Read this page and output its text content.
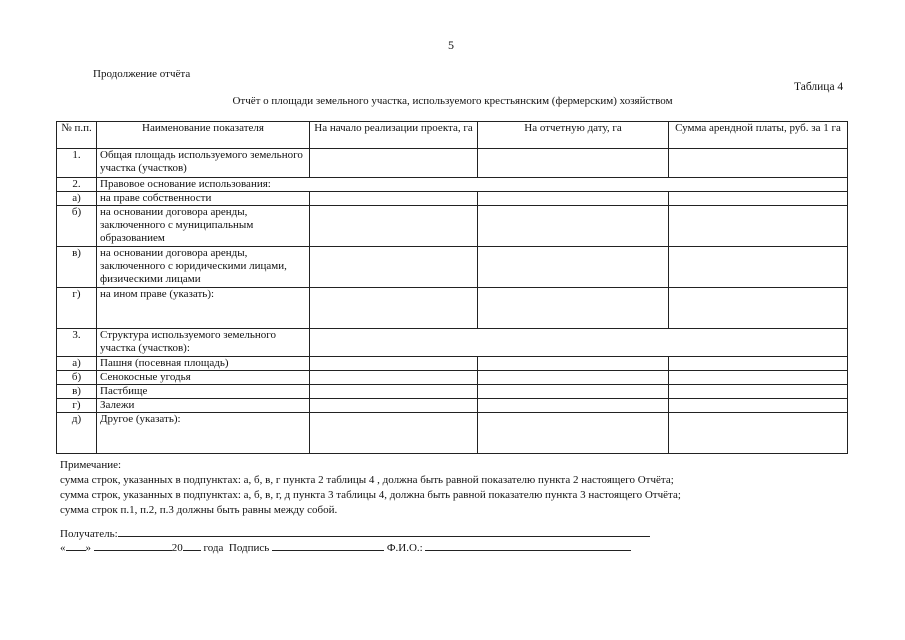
5
Продолжение отчёта
Таблица 4
Отчёт о площади земельного участка, используемого крестьянским (фермерским) хозяйством
№ п.п.	Наименование показателя	На начало реализации проекта, га	На отчетную дату, га	Сумма арендной платы, руб. за 1 га
1.	Общая площадь используемого земельного участка (участков)			
2.	Правовое основание использования:			
а)	на праве собственности			
б)	на основании договора аренды, заключенного с муниципальным образованием			
в)	на основании договора аренды, заключенного с юридическими лицами, физическими лицами			
г)	на ином праве (указать):			
3.	Структура используемого земельного участка (участков):			
а)	Пашня (посевная площадь)			
б)	Сенокосные угодья			
в)	Пастбище			
г)	Залежи			
д)	Другое (указать):			
Примечание:
сумма строк, указанных в подпунктах: а, б, в, г пункта 2 таблицы 4 , должна быть равной показателю пункта 2 настоящего Отчёта;
сумма строк, указанных в подпунктах: а, б, в, г, д пункта 3 таблицы 4, должна быть равной показателю пункта 3 настоящего Отчёта;
сумма строк п.1, п.2, п.3 должны быть равны между собой.
Получатель:
« »	20 года Подпись	Ф.И.О.:
